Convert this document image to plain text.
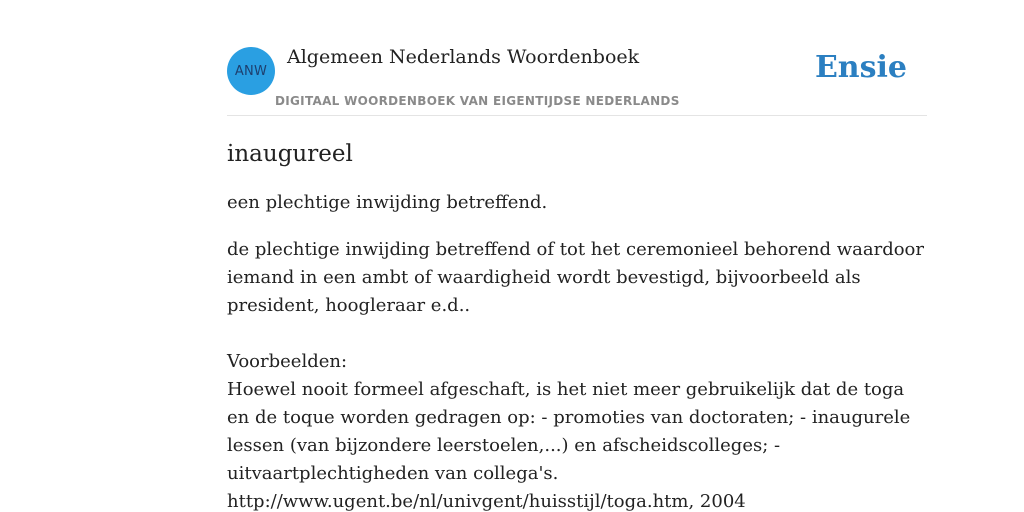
ANW
Algemeen Nederlands Woordenboek
DIGITAAL WOORDENBOEK VAN EIGENTIJDSE NEDERLANDS
Ensie
inaugureel

een plechtige inwijding betreffend.

de plechtige inwijding betreffend of tot het ceremonieel behorend waardoor iemand in een ambt of waardigheid wordt bevestigd, bijvoorbeeld als president, hoogleraar e.d..

Voorbeelden:

Hoewel nooit formeel afgeschaft, is het niet meer gebruikelijk dat de toga en de toque worden gedragen op: - promoties van doctoraten; - inaugurele lessen (van bijzondere leerstoelen,...) en afscheidscolleges; - uitvaartplechtigheden van collega's.

http://www.ugent.be/nl/univgent/huisstijl/toga.htm, 2004
